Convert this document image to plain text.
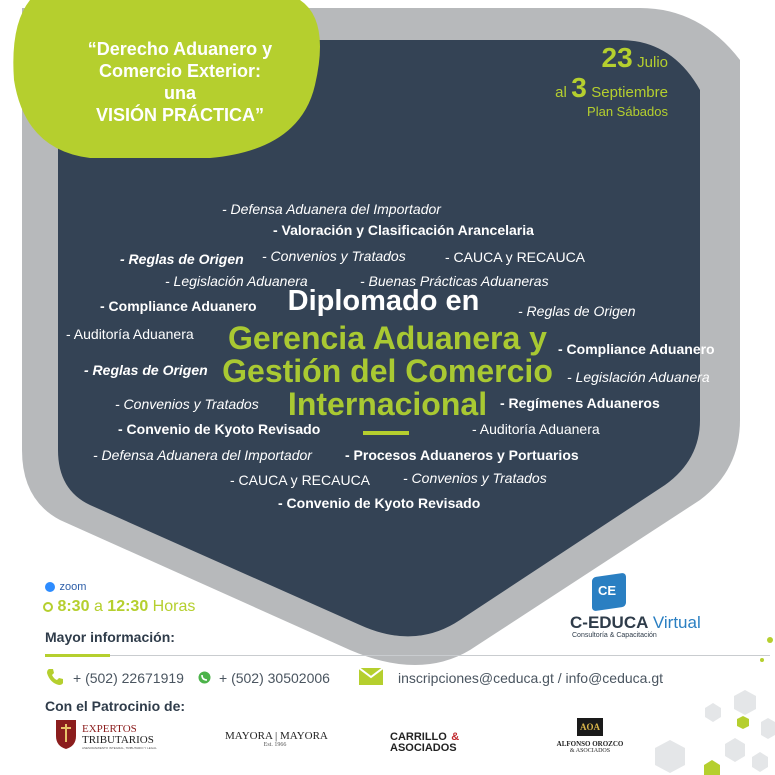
“Derecho Aduanero y
Comercio Exterior:
una
VISIÓN PRÁCTICA”
23 Julio
al 3 Septiembre
Plan Sábados
- Defensa Aduanera del Importador
- Valoración y Clasificación Arancelaria
- Reglas de Origen - Convenios y Tratados	- CAUCA y RECAUCA
- Legislación Aduanera	- Buenas Prácticas Aduaneras
- Compliance Aduanero	- Reglas de Origen
- Auditoría Aduanera
- Compliance Aduanero
- Reglas de Origen	- Legislación Aduanera
- Convenios y Tratados	- Regímenes Aduaneros
- Convenio de Kyoto Revisado	- Auditoría Aduanera
- Defensa Aduanera del Importador - Procesos Aduaneros y Portuarios
- CAUCA y RECAUCA - Convenios y Tratados
- Convenio de Kyoto Revisado
Diplomado en
Gerencia Aduanera y
Gestión del Comercio
Internacional
zoom
8:30 a 12:30 Horas
Mayor información:
+ (502) 22671919	+ (502) 30502006	inscripciones@ceduca.gt / info@ceduca.gt
CE
C-EDUCA Virtual
Consultoría & Capacitación
Con el Patrocinio de:
EXPERTOS
TRIBUTARIOS
ASESORAMIENTO INTEGRAL, TRIBUTARIO Y LEGAL
MAYORA | MAYORA
Est. 1966
CARRILLO &
ASOCIADOS
AOA
ALFONSO OROZCO
& ASOCIADOS
